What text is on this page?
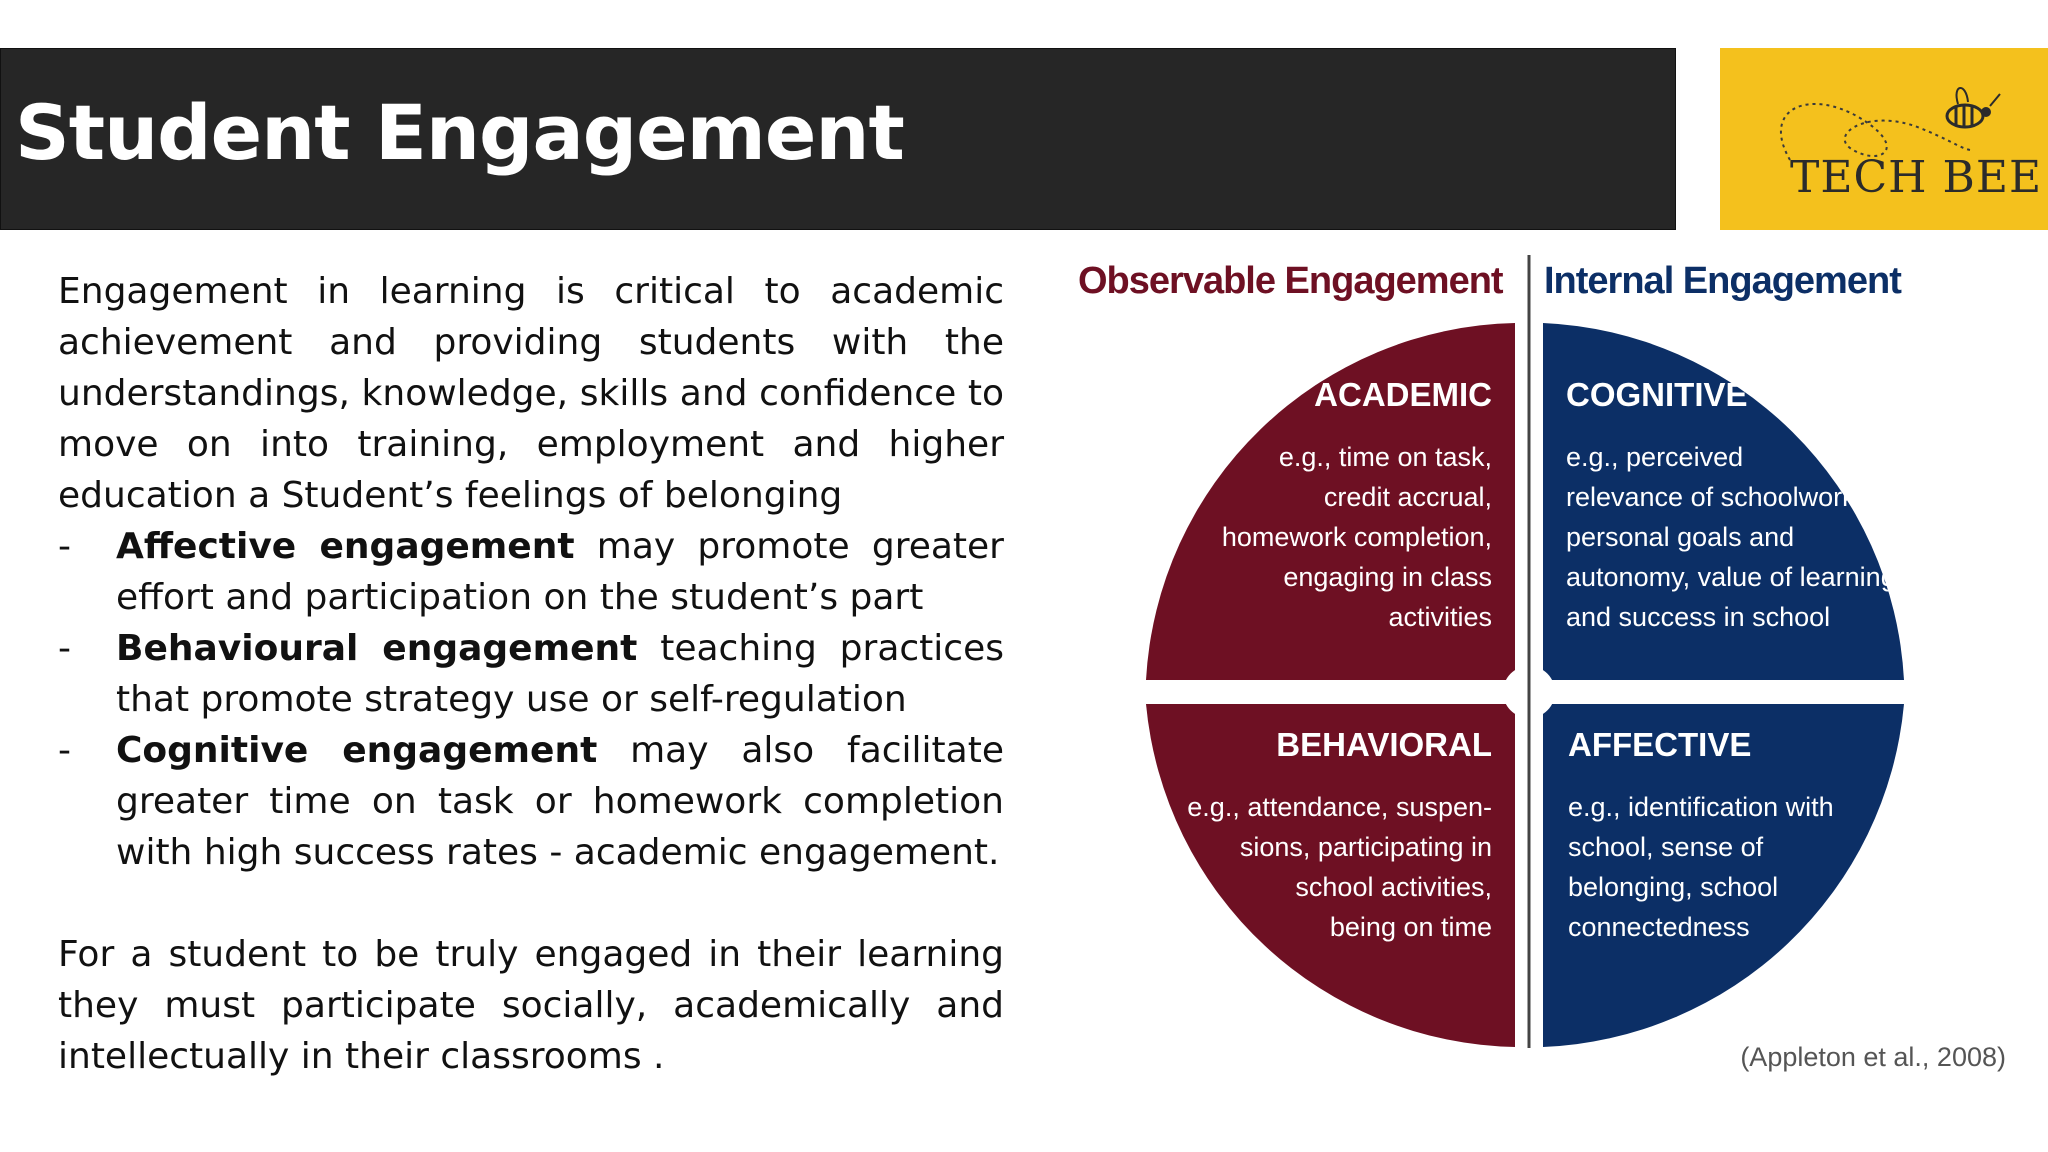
Student Engagement
TECH BEE

Engagement in learning is critical to academic achievement and providing students with the understandings, knowledge, skills and confidence to move on into training, employment and higher education a Student’s feelings of belonging

- Affective engagement may promote greater effort and participation on the student’s part

- Behavioural engagement teaching practices that promote strategy use or self-regulation

- Cognitive engagement may also facilitate greater time on task or homework completion with high success rates - academic engagement.

For a student to be truly engaged in their learning they must participate socially, academically and intellectually in their classrooms .

Observable Engagement Internal Engagement
ACADEMIC
e.g., time on task,
credit accrual,
homework completion,
engaging in class
activities
COGNITIVE
e.g., perceived
relevance of schoolwork,
personal goals and
autonomy, value of learning
and success in school
BEHAVIORAL
e.g., attendance, suspen-
sions, participating in
school activities,
being on time
AFFECTIVE
e.g., identification with
school, sense of
belonging, school
connectedness
(Appleton et al., 2008)
